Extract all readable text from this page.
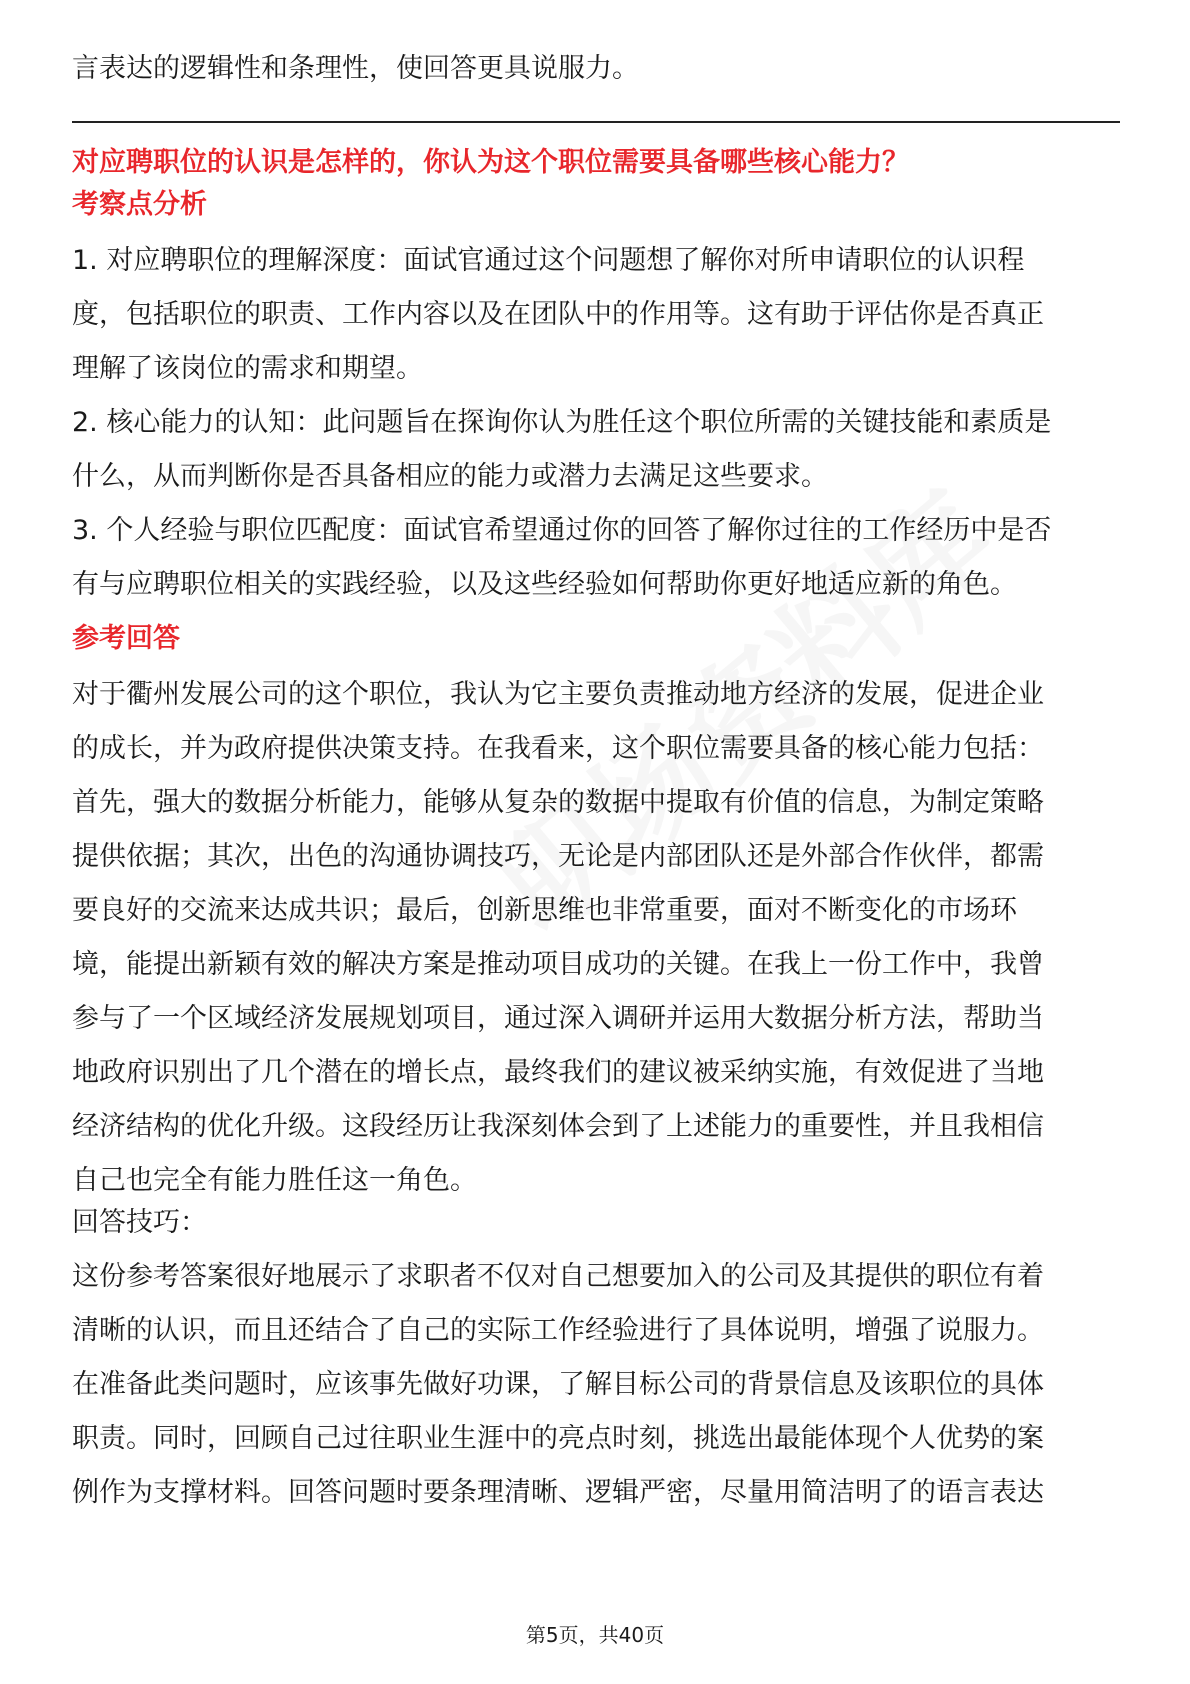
言表达的逻辑性和条理性，使回答更具说服力。

对应聘职位的认识是怎样的，你认为这个职位需要具备哪些核心能力？
考察点分析

1. 对应聘职位的理解深度：面试官通过这个问题想了解你对所申请职位的认识程

度，包括职位的职责、工作内容以及在团队中的作用等。这有助于评估你是否真正

理解了该岗位的需求和期望。

2. 核心能力的认知：此问题旨在探询你认为胜任这个职位所需的关键技能和素质是

什么，从而判断你是否具备相应的能力或潜力去满足这些要求。

3. 个人经验与职位匹配度：面试官希望通过你的回答了解你过往的工作经历中是否

有与应聘职位相关的实践经验，以及这些经验如何帮助你更好地适应新的角色。

参考回答

对于衢州发展公司的这个职位，我认为它主要负责推动地方经济的发展，促进企业

的成长，并为政府提供决策支持。在我看来，这个职位需要具备的核心能力包括：

首先，强大的数据分析能力，能够从复杂的数据中提取有价值的信息，为制定策略

提供依据；其次，出色的沟通协调技巧，无论是内部团队还是外部合作伙伴，都需

要良好的交流来达成共识；最后，创新思维也非常重要，面对不断变化的市场环

境，能提出新颖有效的解决方案是推动项目成功的关键。在我上一份工作中，我曾

参与了一个区域经济发展规划项目，通过深入调研并运用大数据分析方法，帮助当

地政府识别出了几个潜在的增长点，最终我们的建议被采纳实施，有效促进了当地

经济结构的优化升级。这段经历让我深刻体会到了上述能力的重要性，并且我相信

自己也完全有能力胜任这一角色。

回答技巧：

这份参考答案很好地展示了求职者不仅对自己想要加入的公司及其提供的职位有着

清晰的认识，而且还结合了自己的实际工作经验进行了具体说明，增强了说服力。

在准备此类问题时，应该事先做好功课，了解目标公司的背景信息及该职位的具体

职责。同时，回顾自己过往职业生涯中的亮点时刻，挑选出最能体现个人优势的案

例作为支撑材料。回答问题时要条理清晰、逻辑严密，尽量用简洁明了的语言表达

第5页，共40页
